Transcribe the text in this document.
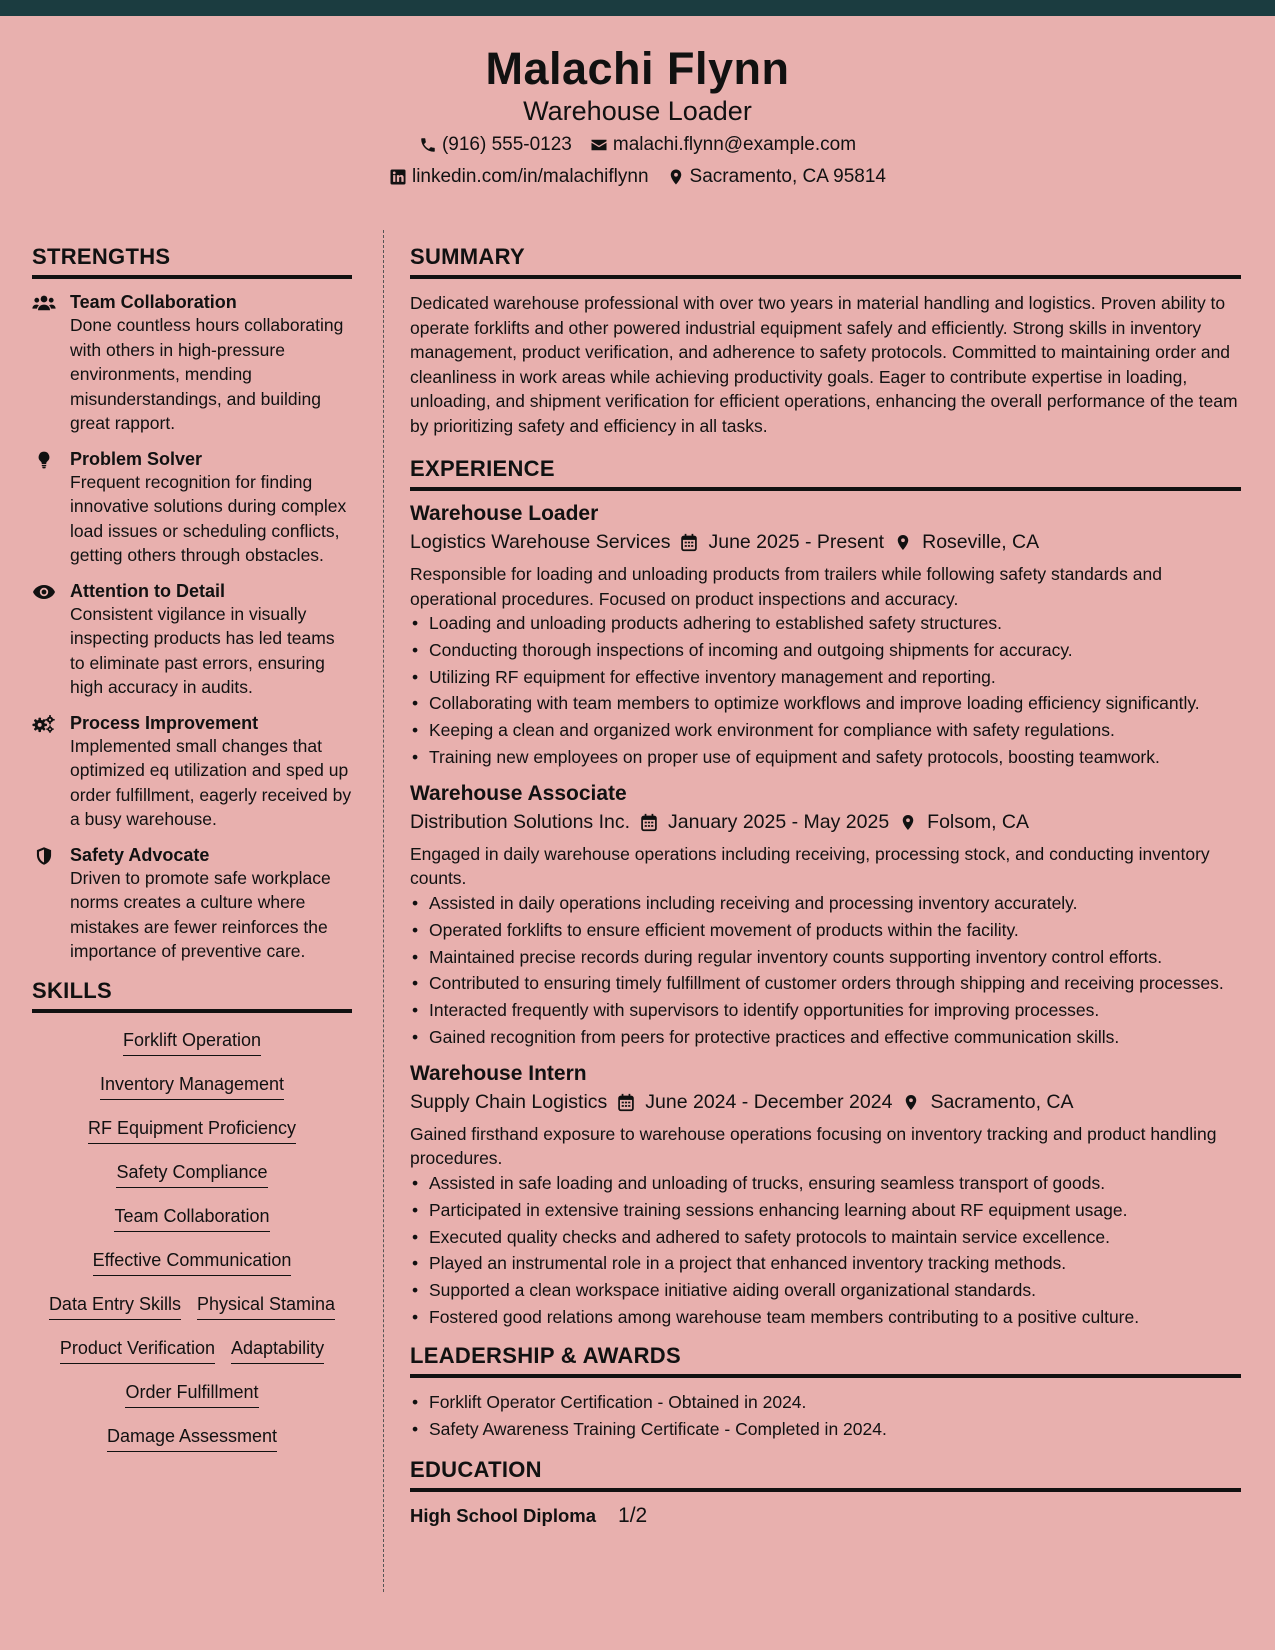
Malachi Flynn
Warehouse Loader
(916) 555-0123 malachi.flynn@example.com
linkedin.com/in/malachiflynn Sacramento, CA 95814
STRENGTHS
Team Collaboration
Done countless hours collaborating with others in high-pressure environments, mending misunderstandings, and building great rapport.
Problem Solver
Frequent recognition for finding innovative solutions during complex load issues or scheduling conflicts, getting others through obstacles.
Attention to Detail
Consistent vigilance in visually inspecting products has led teams to eliminate past errors, ensuring high accuracy in audits.
Process Improvement
Implemented small changes that optimized eq utilization and sped up order fulfillment, eagerly received by a busy warehouse.
Safety Advocate
Driven to promote safe workplace norms creates a culture where mistakes are fewer reinforces the importance of preventive care.
SKILLS
Forklift Operation
Inventory Management
RF Equipment Proficiency
Safety Compliance
Team Collaboration
Effective Communication
Data Entry Skills Physical Stamina
Product Verification Adaptability
Order Fulfillment
Damage Assessment
SUMMARY
Dedicated warehouse professional with over two years in material handling and logistics. Proven ability to operate forklifts and other powered industrial equipment safely and efficiently. Strong skills in inventory management, product verification, and adherence to safety protocols. Committed to maintaining order and cleanliness in work areas while achieving productivity goals. Eager to contribute expertise in loading, unloading, and shipment verification for efficient operations, enhancing the overall performance of the team by prioritizing safety and efficiency in all tasks.
EXPERIENCE
Warehouse Loader
Logistics Warehouse Services June 2025 - Present Roseville, CA
Responsible for loading and unloading products from trailers while following safety standards and operational procedures. Focused on product inspections and accuracy.
• Loading and unloading products adhering to established safety structures.
• Conducting thorough inspections of incoming and outgoing shipments for accuracy.
• Utilizing RF equipment for effective inventory management and reporting.
• Collaborating with team members to optimize workflows and improve loading efficiency significantly.
• Keeping a clean and organized work environment for compliance with safety regulations.
• Training new employees on proper use of equipment and safety protocols, boosting teamwork.
Warehouse Associate
Distribution Solutions Inc. January 2025 - May 2025 Folsom, CA
Engaged in daily warehouse operations including receiving, processing stock, and conducting inventory counts.
• Assisted in daily operations including receiving and processing inventory accurately.
• Operated forklifts to ensure efficient movement of products within the facility.
• Maintained precise records during regular inventory counts supporting inventory control efforts.
• Contributed to ensuring timely fulfillment of customer orders through shipping and receiving processes.
• Interacted frequently with supervisors to identify opportunities for improving processes.
• Gained recognition from peers for protective practices and effective communication skills.
Warehouse Intern
Supply Chain Logistics June 2024 - December 2024 Sacramento, CA
Gained firsthand exposure to warehouse operations focusing on inventory tracking and product handling procedures.
• Assisted in safe loading and unloading of trucks, ensuring seamless transport of goods.
• Participated in extensive training sessions enhancing learning about RF equipment usage.
• Executed quality checks and adhered to safety protocols to maintain service excellence.
• Played an instrumental role in a project that enhanced inventory tracking methods.
• Supported a clean workspace initiative aiding overall organizational standards.
• Fostered good relations among warehouse team members contributing to a positive culture.
LEADERSHIP & AWARDS
• Forklift Operator Certification - Obtained in 2024.
• Safety Awareness Training Certificate - Completed in 2024.
EDUCATION
High School Diploma 1/2
